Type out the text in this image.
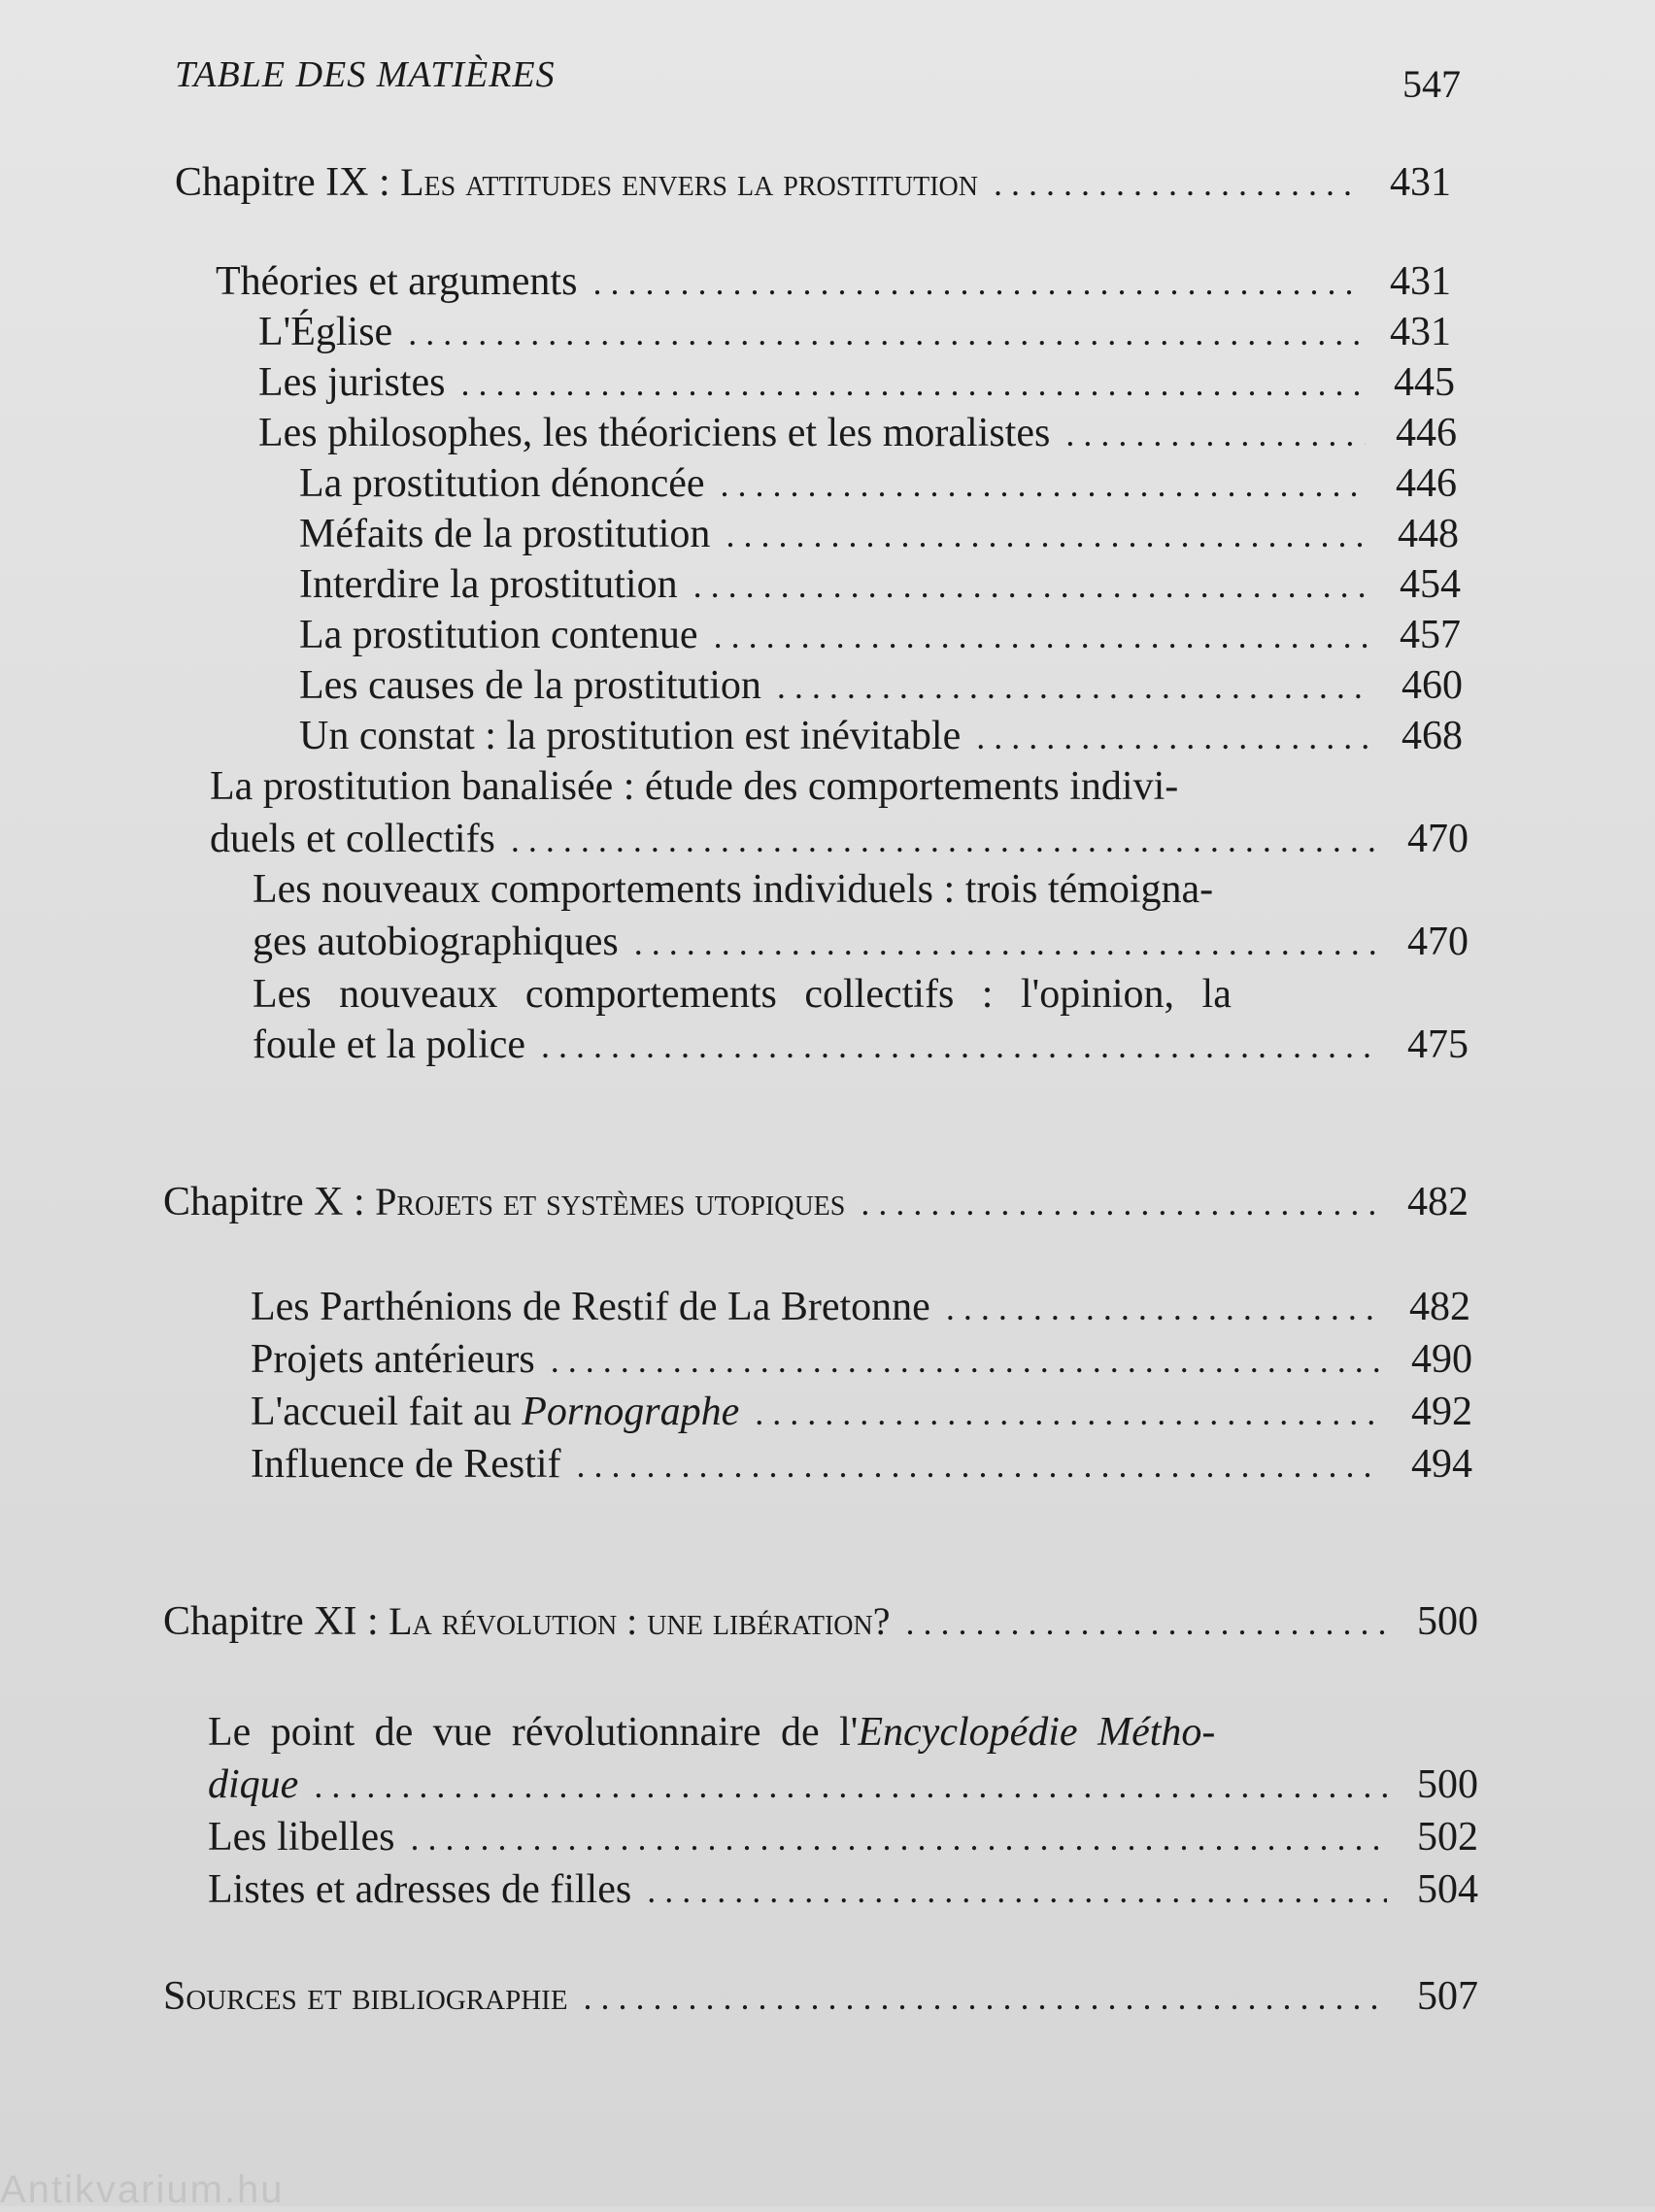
TABLE DES MATIÈRES	547
Chapitre IX : Les attitudes envers la prostitution . . .	431
Théories et arguments . . .	431
L'Église . . .	431
Les juristes . . .	445
Les philosophes, les théoriciens et les moralistes . . .	446
La prostitution dénoncée . . .	446
Méfaits de la prostitution . . .	448
Interdire la prostitution . . .	454
La prostitution contenue . . .	457
Les causes de la prostitution . . .	460
Un constat : la prostitution est inévitable . . .	468
La prostitution banalisée : étude des comportements indivi-
duels et collectifs . . .	470
Les nouveaux comportements individuels : trois témoigna-
ges autobiographiques . . .	470
Les nouveaux comportements collectifs : l'opinion, la
foule et la police . . .	475
Chapitre X : Projets et systèmes utopiques . . .	482
Les Parthénions de Restif de La Bretonne . . .	482
Projets antérieurs . . .	490
L'accueil fait au Pornographe . . .	492
Influence de Restif . . .	494
Chapitre XI : La révolution : une libération? . . .	500
Le point de vue révolutionnaire de l'Encyclopédie Métho-
dique . . .	500
Les libelles . . .	502
Listes et adresses de filles . . .	504
Sources et bibliographie . . .	507
Antikvarium.hu
